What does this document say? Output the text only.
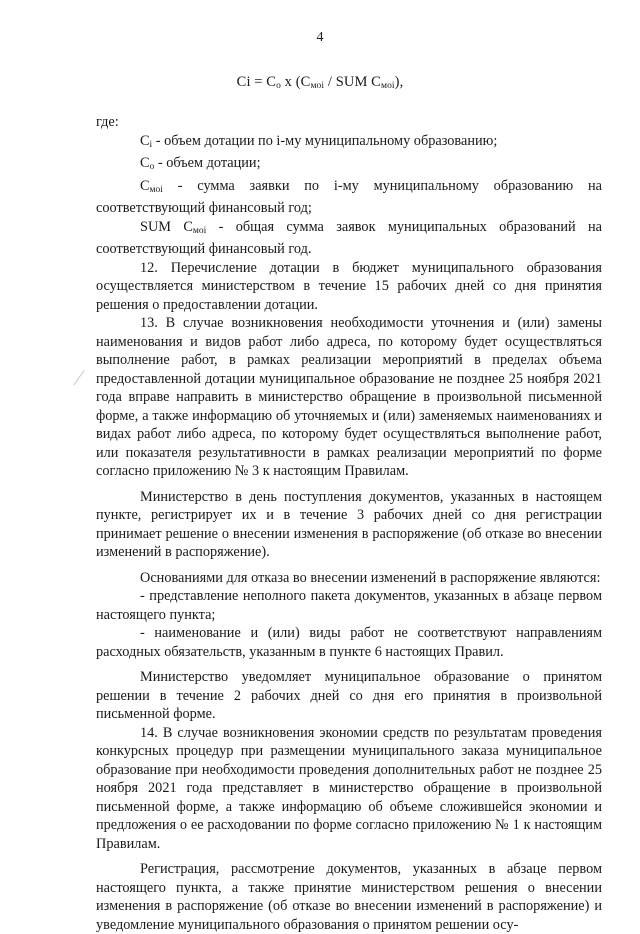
4
$Ci = C_o$ x ($C_{мoi}$ / SUM $C_{мoi}$),

где:

$C_i$ - объем дотации по i-му муниципальному образованию;

$C_o$ - объем дотации;

$C_{мoi}$ - сумма заявки по i-му муниципальному образованию на соответствующий финансовый год;

SUM $C_{мoi}$ - общая сумма заявок муниципальных образований на соответствующий финансовый год.

12. Перечисление дотации в бюджет муниципального образования осуществляется министерством в течение 15 рабочих дней со дня принятия решения о предоставлении дотации.

13. В случае возникновения необходимости уточнения и (или) замены наименования и видов работ либо адреса, по которому будет осуществляться выполнение работ, в рамках реализации мероприятий в пределах объема предоставленной дотации муниципальное образование не позднее 25 ноября 2021 года вправе направить в министерство обращение в произвольной письменной форме, а также информацию об уточняемых и (или) заменяемых наименованиях и видах работ либо адреса, по которому будет осуществляться выполнение работ, или показателя результативности в рамках реализации мероприятий по форме согласно приложению № 3 к настоящим Правилам.

Министерство в день поступления документов, указанных в настоящем пункте, регистрирует их и в течение 3 рабочих дней со дня регистрации принимает решение о внесении изменения в распоряжение (об отказе во внесении изменений в распоряжение).

Основаниями для отказа во внесении изменений в распоряжение являются:

- представление неполного пакета документов, указанных в абзаце первом настоящего пункта;

- наименование и (или) виды работ не соответствуют направлениям расходных обязательств, указанным в пункте 6 настоящих Правил.

Министерство уведомляет муниципальное образование о принятом решении в течение 2 рабочих дней со дня его принятия в произвольной письменной форме.

14. В случае возникновения экономии средств по результатам проведения конкурсных процедур при размещении муниципального заказа муниципальное образование при необходимости проведения дополнительных работ не позднее 25 ноября 2021 года представляет в министерство обращение в произвольной письменной форме, а также информацию об объеме сложившейся экономии и предложения о ее расходовании по форме согласно приложению № 1 к настоящим Правилам.

Регистрация, рассмотрение документов, указанных в абзаце первом настоящего пункта, а также принятие министерством решения о внесении изменения в распоряжение (об отказе во внесении изменений в распоряжение) и уведомление муниципального образования о принятом решении осу-
